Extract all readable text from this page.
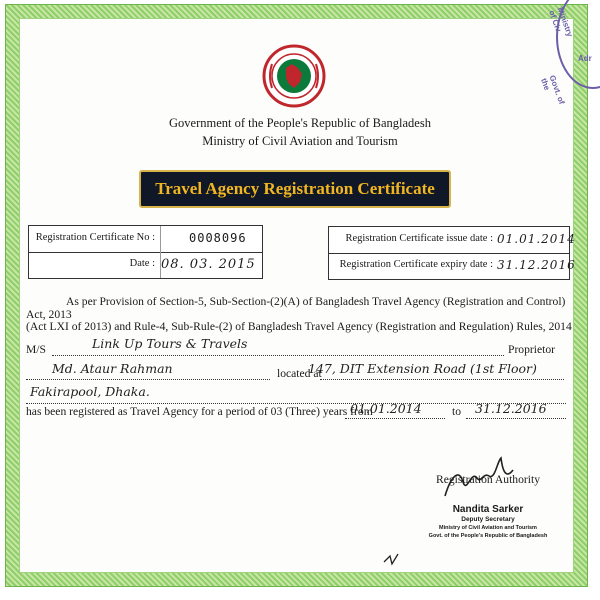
Ministry of Civ
Adr
Govt. of the
Government of the People's Republic of Bangladesh
Ministry of Civil Aviation and Tourism
Travel Agency Registration Certificate
Registration Certificate No :	0008096
Date : 08. 03. 2015
Registration Certificate issue date : 01.01.2014
Registration Certificate expiry date : 31.12.2016
As per Provision of Section-5, Sub-Section-(2)(A) of Bangladesh Travel Agency (Registration and Control) Act, 2013
(Act LXI of 2013) and Rule-4, Sub-Rule-(2) of Bangladesh Travel Agency (Registration and Regulation) Rules, 2014
M/S	Link Up Tours & Travels	Proprietor
Md. Ataur Rahman	located at
147, DIT Extension Road (1st Floor)
Fakirapool, Dhaka.
has been registered as Travel Agency for a period of 03 (Three) years from
01.01.2014	to 31.12.2016
Registration Authority
Nandita Sarker
Deputy Secretary
Ministry of Civil Aviation and Tourism
Govt. of the People's Republic of Bangladesh
